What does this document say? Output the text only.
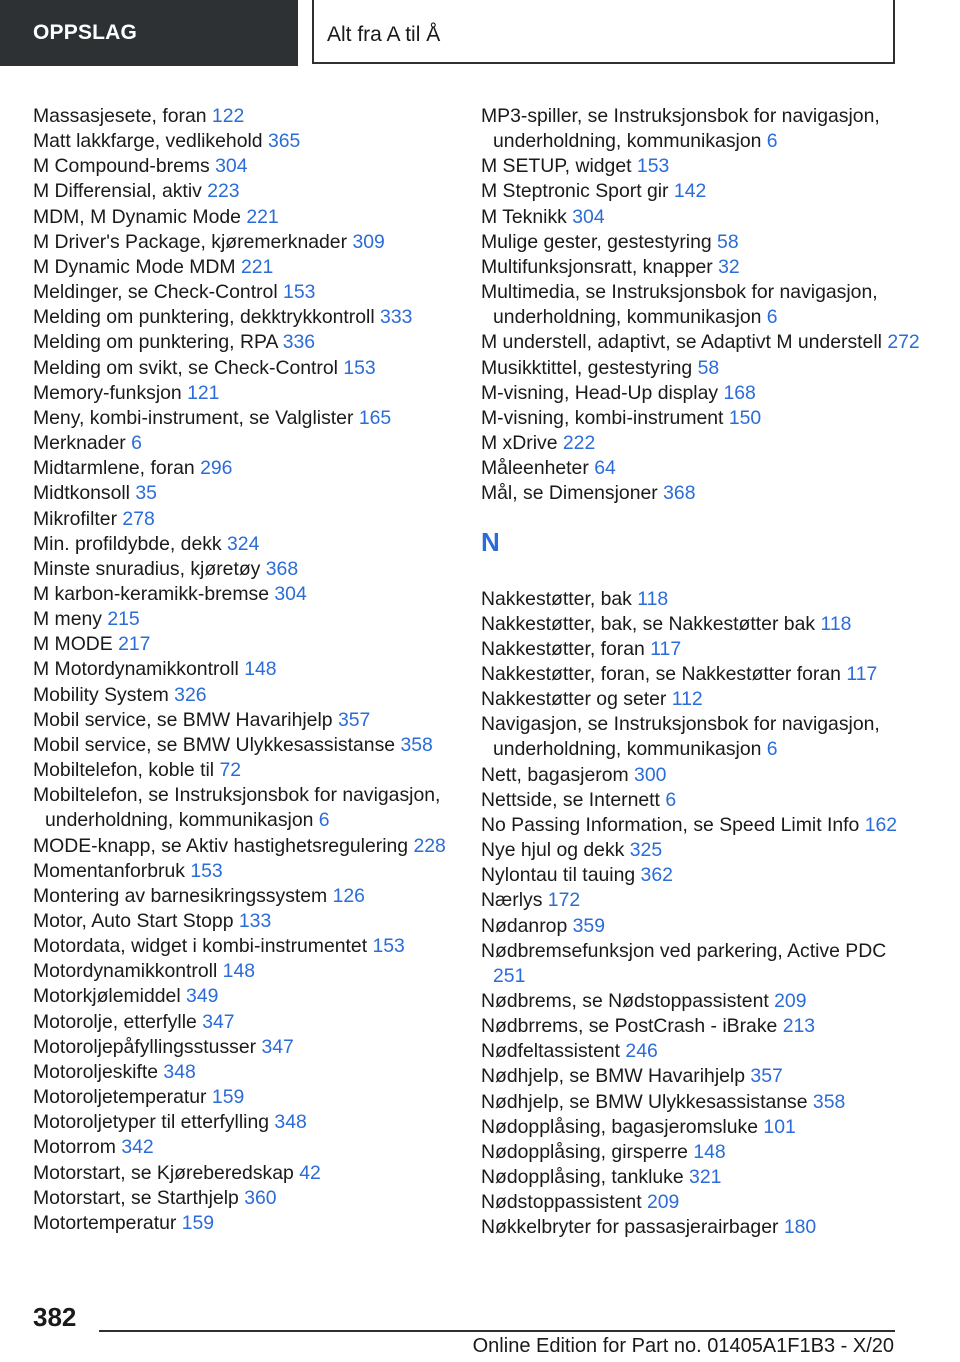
OPPSLAG	Alt fra A til Å
Massasjesete, foran 122
Matt lakkfarge, vedlikehold 365
M Compound-brems 304
M Differensial, aktiv 223
MDM, M Dynamic Mode 221
M Driver's Package, kjøremerknader 309
M Dynamic Mode MDM 221
Meldinger, se Check-Control 153
Melding om punktering, dekktrykkontroll 333
Melding om punktering, RPA 336
Melding om svikt, se Check-Control 153
Memory-funksjon 121
Meny, kombi-instrument, se Valglister 165
Merknader 6
Midtarmlene, foran 296
Midtkonsoll 35
Mikrofilter 278
Min. profildybde, dekk 324
Minste snuradius, kjøretøy 368
M karbon-keramikk-bremse 304
M meny 215
M MODE 217
M Motordynamikkontroll 148
Mobility System 326
Mobil service, se BMW Havarihjelp 357
Mobil service, se BMW Ulykkesassistanse 358
Mobiltelefon, koble til 72
Mobiltelefon, se Instruksjonsbok for navigasjon, underholdning, kommunikasjon 6
MODE-knapp, se Aktiv hastighetsregulering 228
Momentanforbruk 153
Montering av barnesikringssystem 126
Motor, Auto Start Stopp 133
Motordata, widget i kombi-instrumentet 153
Motordynamikkontroll 148
Motorkjølemiddel 349
Motorolje, etterfylle 347
Motoroljepåfyllingsstusser 347
Motoroljeskifte 348
Motoroljetemperatur 159
Motoroljetyper til etterfylling 348
Motorrom 342
Motorstart, se Kjøreberedskap 42
Motorstart, se Starthjelp 360
Motortemperatur 159
MP3-spiller, se Instruksjonsbok for navigasjon, underholdning, kommunikasjon 6
M SETUP, widget 153
M Steptronic Sport gir 142
M Teknikk 304
Mulige gester, gestestyring 58
Multifunksjonsratt, knapper 32
Multimedia, se Instruksjonsbok for navigasjon, underholdning, kommunikasjon 6
M understell, adaptivt, se Adaptivt M understell 272
Musikktittel, gestestyring 58
M-visning, Head-Up display 168
M-visning, kombi-instrument 150
M xDrive 222
Måleenheter 64
Mål, se Dimensjoner 368
N
Nakkestøtter, bak 118
Nakkestøtter, bak, se Nakkestøtter bak 118
Nakkestøtter, foran 117
Nakkestøtter, foran, se Nakkestøtter foran 117
Nakkestøtter og seter 112
Navigasjon, se Instruksjonsbok for navigasjon, underholdning, kommunikasjon 6
Nett, bagasjerom 300
Nettside, se Internett 6
No Passing Information, se Speed Limit Info 162
Nye hjul og dekk 325
Nylontau til tauing 362
Nærlys 172
Nødanrop 359
Nødbremsefunksjon ved parkering, Active PDC 251
Nødbrems, se Nødstoppassistent 209
Nødbrrems, se PostCrash - iBrake 213
Nødfeltassistent 246
Nødhjelp, se BMW Havarihjelp 357
Nødhjelp, se BMW Ulykkesassistanse 358
Nødopplåsing, bagasjeromsluke 101
Nødopplåsing, girsperre 148
Nødopplåsing, tankluke 321
Nødstoppassistent 209
Nøkkelbryter for passasjerairbager 180
382
Online Edition for Part no. 01405A1F1B3 - X/20
